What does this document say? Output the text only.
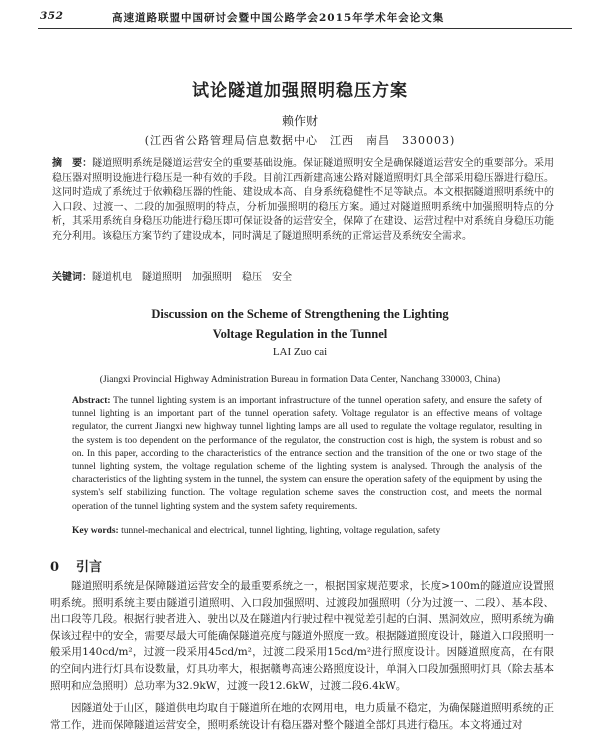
352	高速道路联盟中国研讨会暨中国公路学会2015年学术年会论文集
试论隧道加强照明稳压方案
赖作财
(江西省公路管理局信息数据中心　江西　南昌　330003)
摘　要：隧道照明系统是隧道运营安全的重要基础设施。保证隧道照明安全是确保隧道运营安全的重要部分。采用稳压器对照明设施进行稳压是一种有效的手段。目前江西新建高速公路对隧道照明灯具全部采用稳压器进行稳压。这同时造成了系统过于依赖稳压器的性能、建设成本高、自身系统稳健性不足等缺点。本文根据隧道照明系统中的入口段、过渡一、二段的加强照明的特点，分析加强照明的稳压方案。通过对隧道照明系统中加强照明特点的分析，其采用系统自身稳压功能进行稳压即可保证设备的运营安全，保障了在建设、运营过程中对系统自身稳压功能充分利用。该稳压方案节约了建设成本，同时满足了隧道照明系统的正常运营及系统安全需求。
关键词：隧道机电　隧道照明　加强照明　稳压　安全
Discussion on the Scheme of Strengthening the Lighting
Voltage Regulation in the Tunnel
LAI Zuo cai
(Jiangxi Provincial Highway Administration Bureau in formation Data Center, Nanchang 330003, China)
Abstract: The tunnel lighting system is an important infrastructure of the tunnel operation safety, and ensure the safety of tunnel lighting is an important part of the tunnel operation safety. Voltage regulator is an effective means of voltage regulator, the current Jiangxi new highway tunnel lighting lamps are all used to regulate the voltage regulator, resulting in the system is too dependent on the performance of the regulator, the construction cost is high, the system is robust and so on. In this paper, according to the characteristics of the entrance section and the transition of the one or two stage of the tunnel lighting system, the voltage regulation scheme of the lighting system is analysed. Through the analysis of the characteristics of the lighting system in the tunnel, the system can ensure the operation safety of the equipment by using the system's self stabilizing function. The voltage regulation scheme saves the construction cost, and meets the normal operation of the tunnel lighting system and the system safety requirements.
Key words: tunnel-mechanical and electrical, tunnel lighting, lighting, voltage regulation, safety
0 引言
隧道照明系统是保障隧道运营安全的最重要系统之一，根据国家规范要求，长度>100m的隧道应设置照明系统。照明系统主要由隧道引道照明、入口段加强照明、过渡段加强照明（分为过渡一、二段）、基本段、出口段等几段。根据行驶者进入、驶出以及在隧道内行驶过程中视觉差引起的白洞、黑洞效应，照明系统为确保该过程中的安全，需要尽最大可能确保隧道亮度与隧道外照度一致。根据隧道照度设计，隧道入口段照明一般采用140cd/m²，过渡一段采用45cd/m²，过渡二段采用15cd/m²进行照度设计。因隧道照度高，在有限的空间内进行灯具布设数量，灯具功率大，根据赣粤高速公路照度设计，单洞入口段加强照明灯具（除去基本照明和应急照明）总功率为32.9kW，过渡一段12.6kW，过渡二段6.4kW。
因隧道处于山区，隧道供电均取自于隧道所在地的农网用电，电力质量不稳定，为确保隧道照明系统的正常工作，进而保障隧道运营安全，照明系统设计有稳压器对整个隧道全部灯具进行稳压。本文将通过对
